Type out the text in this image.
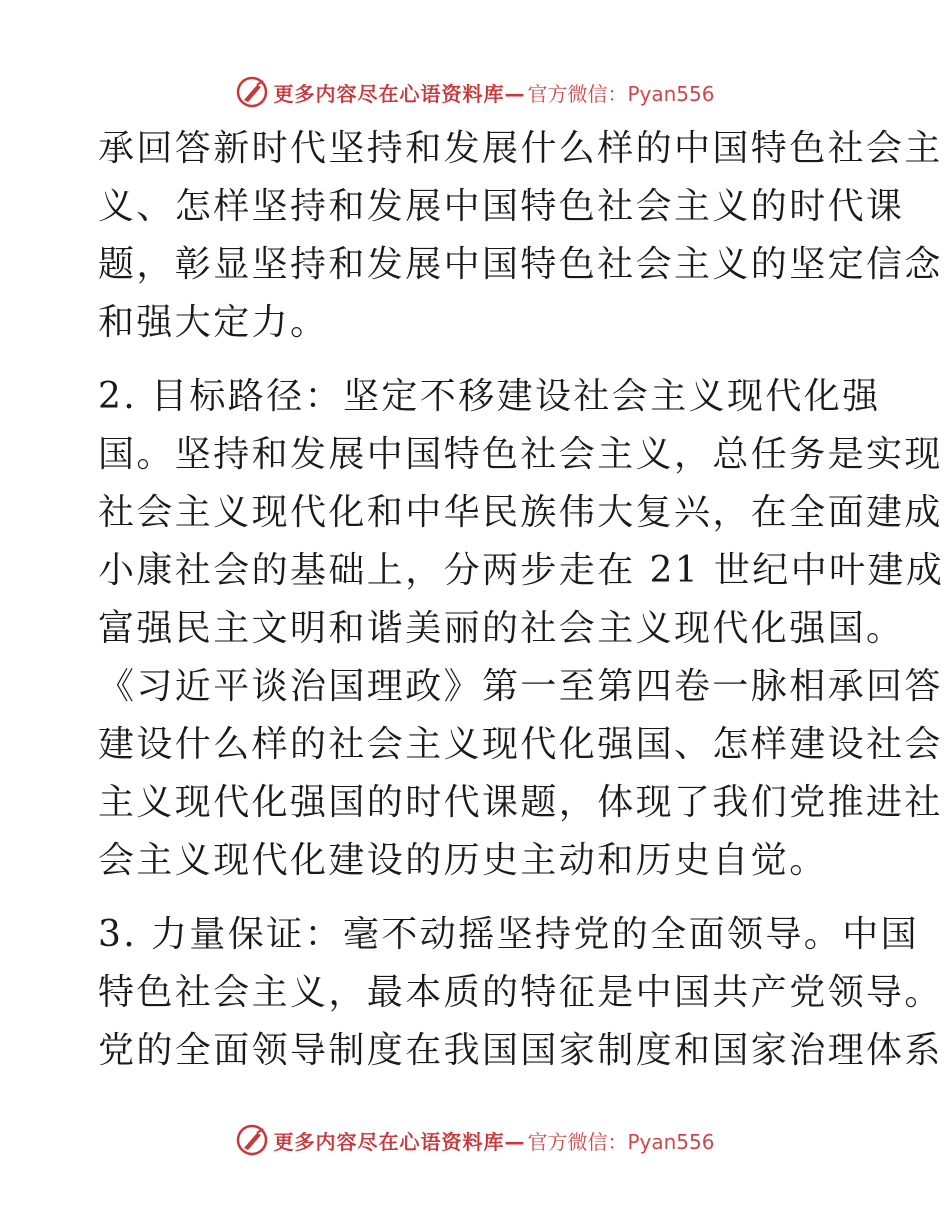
更多内容尽在心语资料库— 官方微信：Pyan556
承回答新时代坚持和发展什么样的中国特色社会主
义、怎样坚持和发展中国特色社会主义的时代课
题，彰显坚持和发展中国特色社会主义的坚定信念
和强大定力。
2. 目标路径：坚定不移建设社会主义现代化强
国。坚持和发展中国特色社会主义，总任务是实现
社会主义现代化和中华民族伟大复兴，在全面建成
小康社会的基础上，分两步走在 21 世纪中叶建成
富强民主文明和谐美丽的社会主义现代化强国。
《习近平谈治国理政》第一至第四卷一脉相承回答
建设什么样的社会主义现代化强国、怎样建设社会
主义现代化强国的时代课题，体现了我们党推进社
会主义现代化建设的历史主动和历史自觉。
3. 力量保证：毫不动摇坚持党的全面领导。中国
特色社会主义，最本质的特征是中国共产党领导。
党的全面领导制度在我国国家制度和国家治理体系
更多内容尽在心语资料库— 官方微信：Pyan556
